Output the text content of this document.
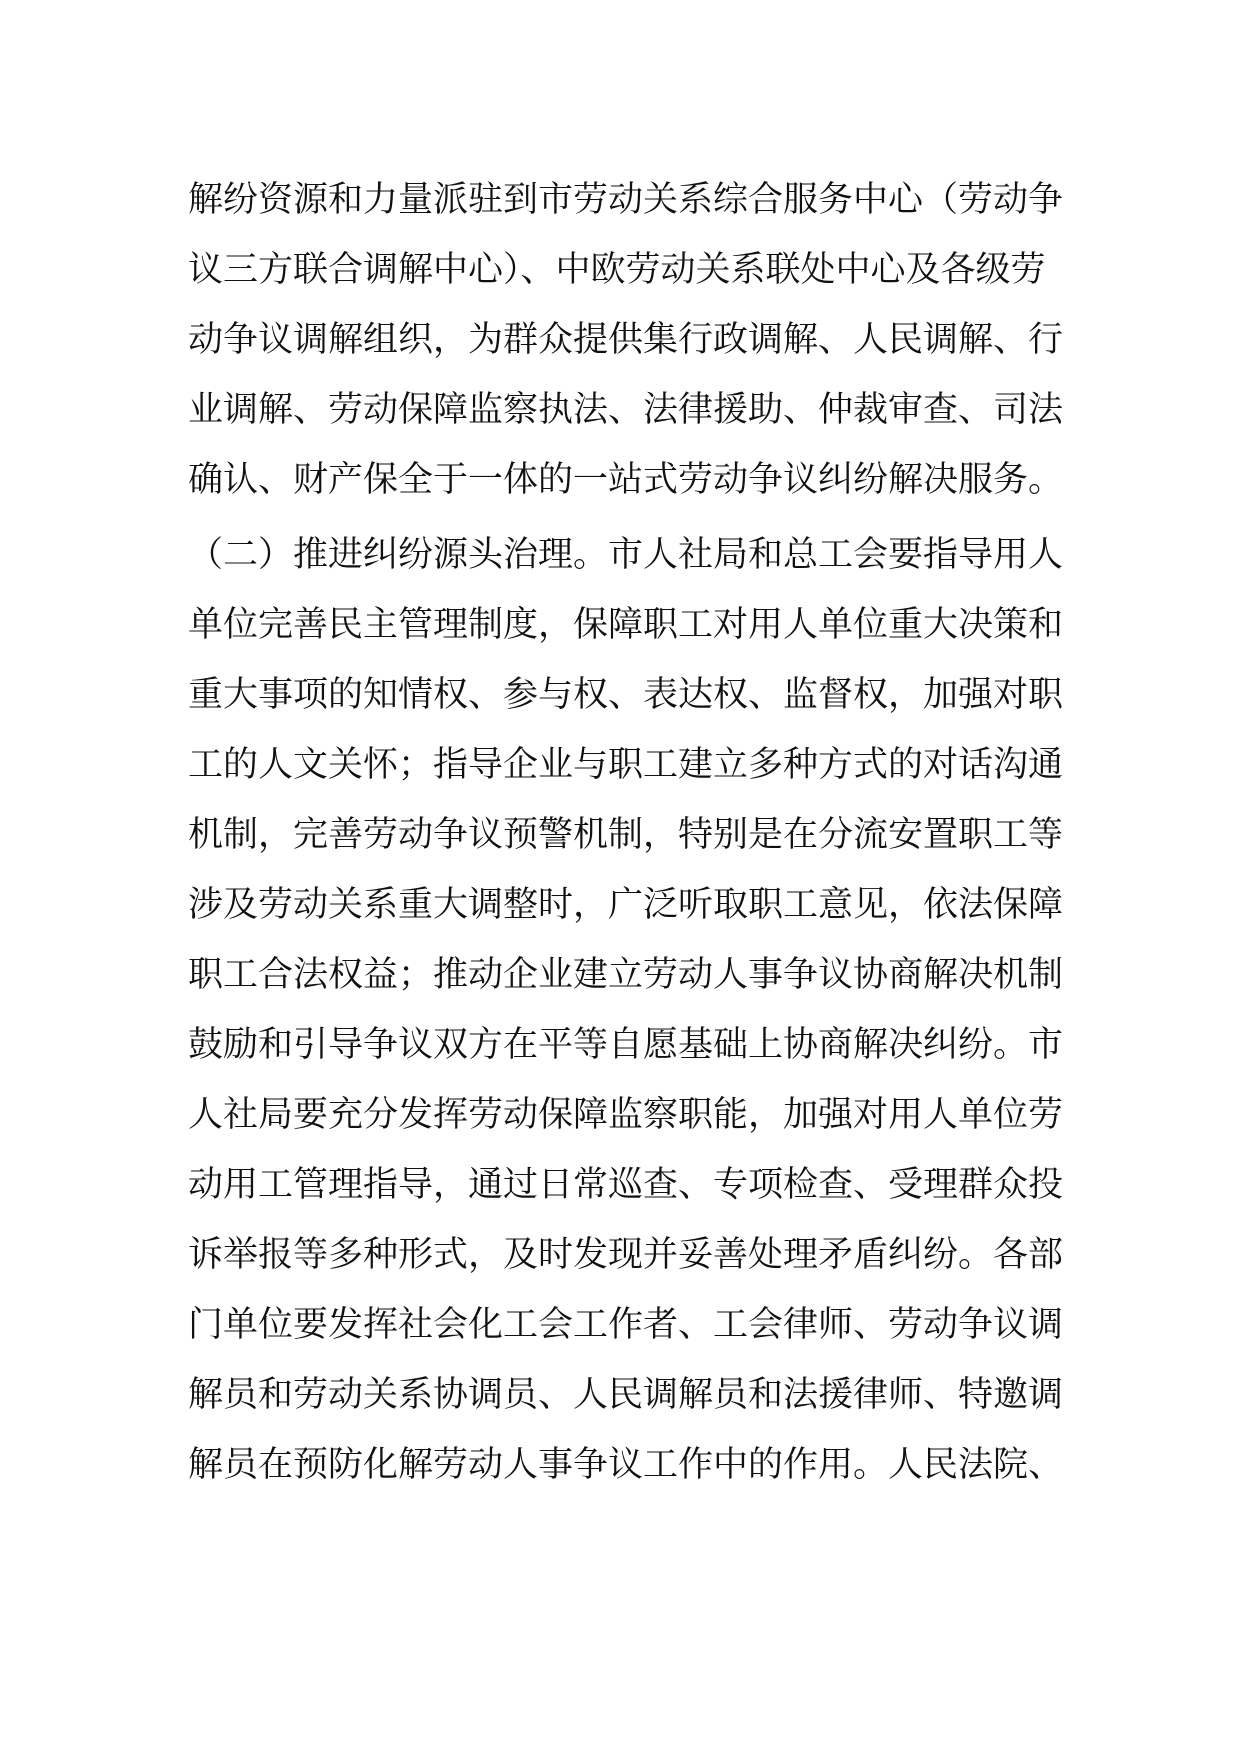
解纷资源和力量派驻到市劳动关系综合服务中心（劳动争
议三方联合调解中心）、中欧劳动关系联处中心及各级劳
动争议调解组织，为群众提供集行政调解、人民调解、行
业调解、劳动保障监察执法、法律援助、仲裁审查、司法
确认、财产保全于一体的一站式劳动争议纠纷解决服务。
（二）推进纠纷源头治理。市人社局和总工会要指导用人
单位完善民主管理制度，保障职工对用人单位重大决策和
重大事项的知情权、参与权、表达权、监督权，加强对职
工的人文关怀；指导企业与职工建立多种方式的对话沟通
机制，完善劳动争议预警机制，特别是在分流安置职工等
涉及劳动关系重大调整时，广泛听取职工意见，依法保障
职工合法权益；推动企业建立劳动人事争议协商解决机制
鼓励和引导争议双方在平等自愿基础上协商解决纠纷。市
人社局要充分发挥劳动保障监察职能，加强对用人单位劳
动用工管理指导，通过日常巡查、专项检查、受理群众投
诉举报等多种形式，及时发现并妥善处理矛盾纠纷。各部
门单位要发挥社会化工会工作者、工会律师、劳动争议调
解员和劳动关系协调员、人民调解员和法援律师、特邀调
解员在预防化解劳动人事争议工作中的作用。人民法院、
